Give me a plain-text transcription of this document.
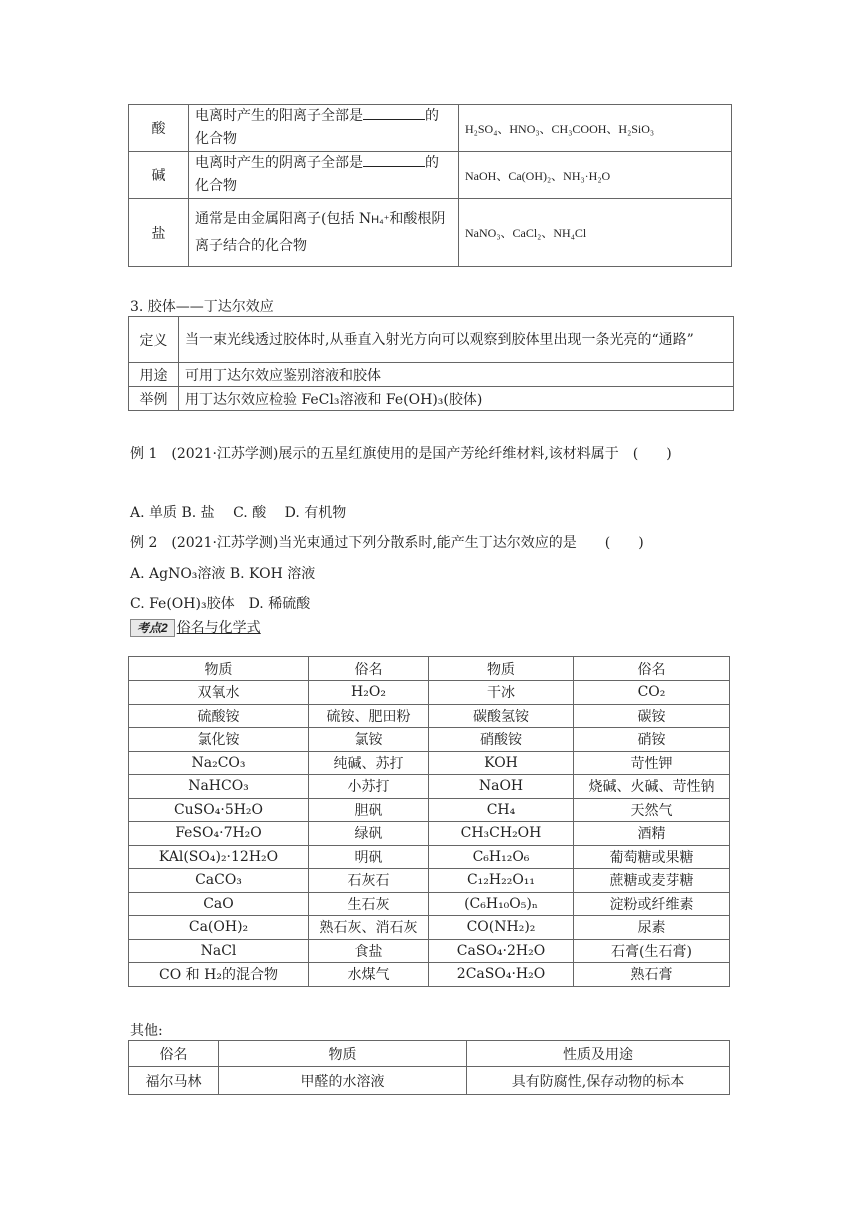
酸	电离时产生的阳离子全部是 的化合物	H₂SO₄、HNO₃、CH₃COOH、H₂SiO₃
碱	电离时产生的阴离子全部是 的化合物	NaOH、Ca(OH)₂、NH₃·H₂O
盐	通常是由金属阳离子(包括 NH₄⁺和酸根阴离子结合的化合物	NaNO₃、CaCl₂、NH₄Cl
3. 胶体——丁达尔效应
定义	当一束光线透过胶体时,从垂直入射光方向可以观察到胶体里出现一条光亮的“通路”
用途	可用丁达尔效应鉴别溶液和胶体
举例	用丁达尔效应检验 FeCl₃溶液和 Fe(OH)₃(胶体)
例 1　(2021·江苏学测)展示的五星红旗使用的是国产芳纶纤维材料,该材料属于　(　　)
A. 单质 B. 盐　 C. 酸　 D. 有机物
例 2　(2021·江苏学测)当光束通过下列分散系时,能产生丁达尔效应的是　　(　　)
A. AgNO₃溶液 B. KOH 溶液
C. Fe(OH)₃胶体　D. 稀硫酸
考点2 俗名与化学式
物质	俗名	物质	俗名
双氧水	H₂O₂	干冰	CO₂
硫酸铵	硫铵、肥田粉	碳酸氢铵	碳铵
氯化铵	氯铵	硝酸铵	硝铵
Na₂CO₃	纯碱、苏打	KOH	苛性钾
NaHCO₃	小苏打	NaOH	烧碱、火碱、苛性钠
CuSO₄·5H₂O	胆矾	CH₄	天然气
FeSO₄·7H₂O	绿矾	CH₃CH₂OH	酒精
KAl(SO₄)₂·12H₂O	明矾	C₆H₁₂O₆	葡萄糖或果糖
CaCO₃	石灰石	C₁₂H₂₂O₁₁	蔗糖或麦芽糖
CaO	生石灰	(C₆H₁₀O₅)ₙ	淀粉或纤维素
Ca(OH)₂	熟石灰、消石灰	CO(NH₂)₂	尿素
NaCl	食盐	CaSO₄·2H₂O	石膏(生石膏)
CO 和 H₂的混合物	水煤气	2CaSO₄·H₂O	熟石膏
其他:
俗名	物质	性质及用途
福尔马林	甲醛的水溶液	具有防腐性,保存动物的标本
